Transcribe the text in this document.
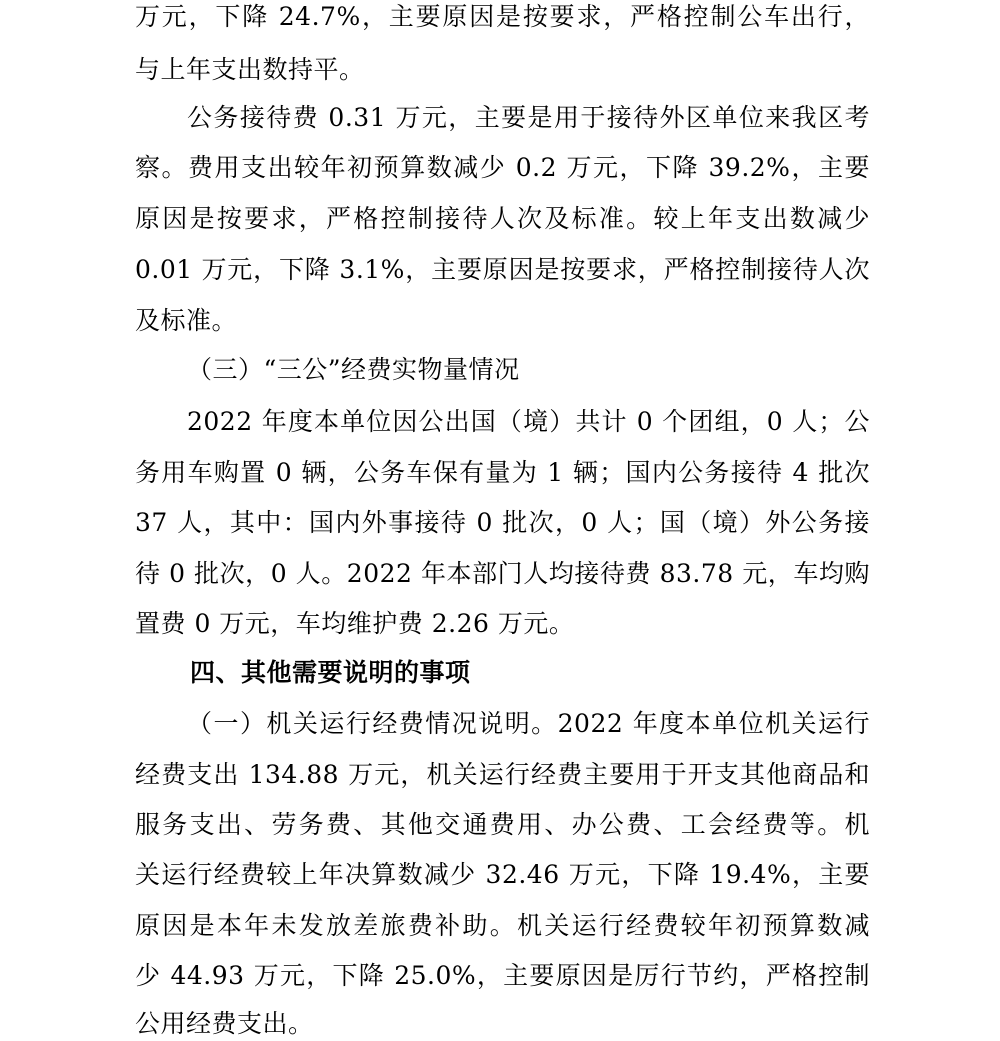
万元，下降 24.7%，主要原因是按要求，严格控制公车出行，
与上年支出数持平。
公务接待费 0.31 万元，主要是用于接待外区单位来我区考
察。费用支出较年初预算数减少 0.2 万元，下降 39.2%，主要
原因是按要求，严格控制接待人次及标准。较上年支出数减少
0.01 万元，下降 3.1%，主要原因是按要求，严格控制接待人次
及标准。
（三）“三公”经费实物量情况
2022 年度本单位因公出国（境）共计 0 个团组，0 人；公
务用车购置 0 辆，公务车保有量为 1 辆；国内公务接待 4 批次
37 人，其中：国内外事接待 0 批次，0 人；国（境）外公务接
待 0 批次，0 人。2022 年本部门人均接待费 83.78 元，车均购
置费 0 万元，车均维护费 2.26 万元。
四、其他需要说明的事项
（一）机关运行经费情况说明。2022 年度本单位机关运行
经费支出 134.88 万元，机关运行经费主要用于开支其他商品和
服务支出、劳务费、其他交通费用、办公费、工会经费等。机
关运行经费较上年决算数减少 32.46 万元，下降 19.4%，主要
原因是本年未发放差旅费补助。机关运行经费较年初预算数减
少 44.93 万元，下降 25.0%，主要原因是厉行节约，严格控制
公用经费支出。
